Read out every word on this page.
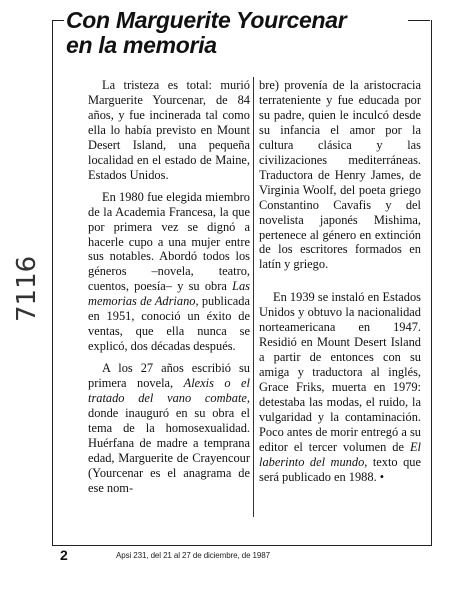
Con Marguerite Yourcenar
en la memoria

La tristeza es total: murió Marguerite Yourcenar, de 84 años, y fue incinerada tal como ella lo había previsto en Mount Desert Island, una pequeña localidad en el estado de Maine, Estados Unidos.

En 1980 fue elegida miembro de la Academia Francesa, la que por primera vez se dignó a hacerle cupo a una mujer entre sus notables. Abordó todos los géneros –novela, teatro, cuentos, poesía– y su obra Las memorias de Adriano, publicada en 1951, conoció un éxito de ventas, que ella nunca se explicó, dos décadas después.

A los 27 años escribió su primera novela, Alexis o el tratado del vano combate, donde inauguró en su obra el tema de la homosexualidad. Huérfana de madre a temprana edad, Marguerite de Crayencour (Yourcenar es el anagrama de ese nom-

bre) provenía de la aristocracia terrateniente y fue educada por su padre, quien le inculcó desde su infancia el amor por la cultura clásica y las civilizaciones mediterráneas. Traductora de Henry James, de Virginia Woolf, del poeta griego Constantino Cavafis y del novelista japonés Mishima, pertenece al género en extinción de los escritores formados en latín y griego.

En 1939 se instaló en Estados Unidos y obtuvo la nacionalidad norteamericana en 1947. Residió en Mount Desert Island a partir de entonces con su amiga y traductora al inglés, Grace Friks, muerta en 1979: detestaba las modas, el ruido, la vulgaridad y la contaminación. Poco antes de morir entregó a su editor el tercer volumen de El laberinto del mundo, texto que será publicado en 1988. •

7116
2	Apsi 231, del 21 al 27 de diciembre, de 1987
